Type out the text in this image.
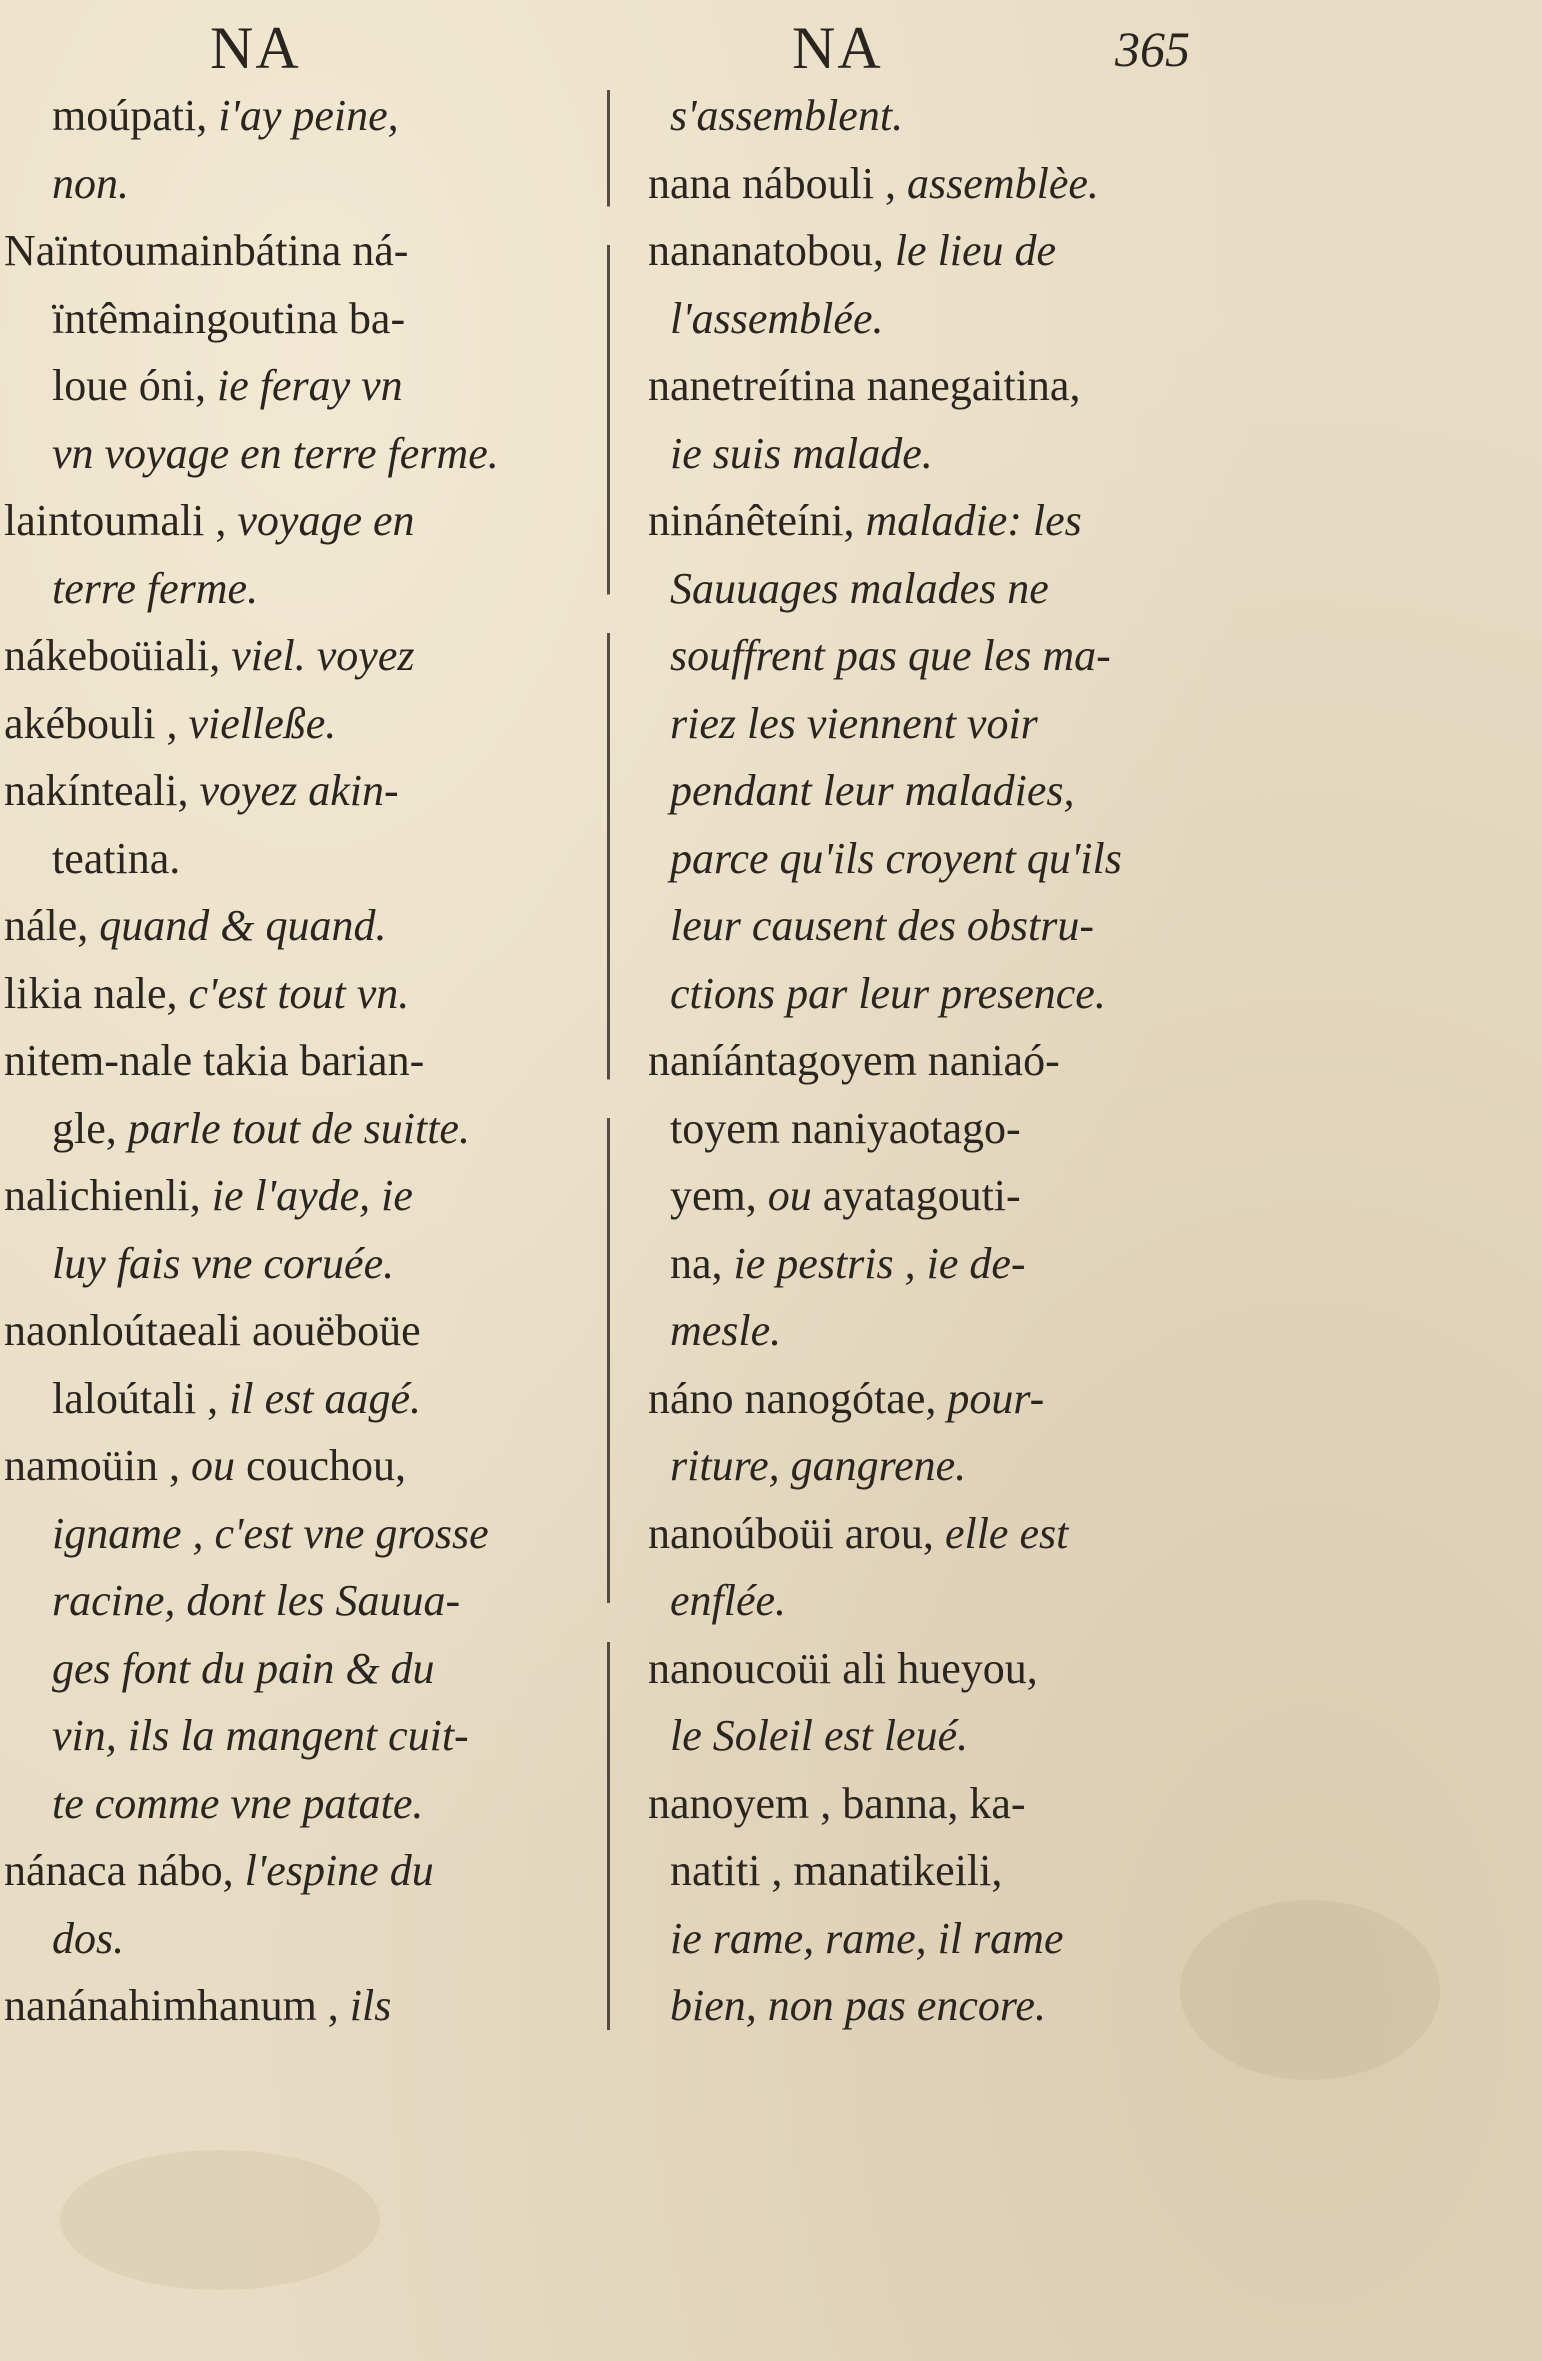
NA	NA	365
moúpati, i'ay peine,
non.
Naïntoumainbátina ná-
ïntêmaingoutina ba-
loue óni, ie feray vn
vn voyage en terre ferme.
laintoumali , voyage en
terre ferme.
nákeboüiali, viel. voyez
akébouli , vielleße.
nakínteali, voyez akin-
teatina.
nále, quand & quand.
likia nale, c'est tout vn.
nitem-nale takia barian-
gle, parle tout de suitte.
nalichienli, ie l'ayde, ie
luy fais vne coruée.
naonloútaeali aouëboüe
laloútali , il est aagé.
namoüin , ou couchou,
igname , c'est vne grosse
racine, dont les Sauua-
ges font du pain & du
vin, ils la mangent cuit-
te comme vne patate.
nánaca nábo, l'espine du
dos.
nanánahimhanum , ils
s'assemblent.
nana nábouli , assemblèe.
nananatobou, le lieu de
l'assemblée.
nanetreítina nanegaitina,
ie suis malade.
ninánêteíni, maladie: les
Sauuages malades ne
souffrent pas que les ma-
riez les viennent voir
pendant leur maladies,
parce qu'ils croyent qu'ils
leur causent des obstru-
ctions par leur presence.
naníántagoyem naniaó-
toyem naniyaotago-
yem, ou ayatagouti-
na, ie pestris , ie de-
mesle.
náno nanogótae, pour-
riture, gangrene.
nanoúboüi arou, elle est
enflée.
nanoucoüi ali hueyou,
le Soleil est leué.
nanoyem , banna, ka-
natiti , manatikeili,
ie rame, rame, il rame
bien, non pas encore.
